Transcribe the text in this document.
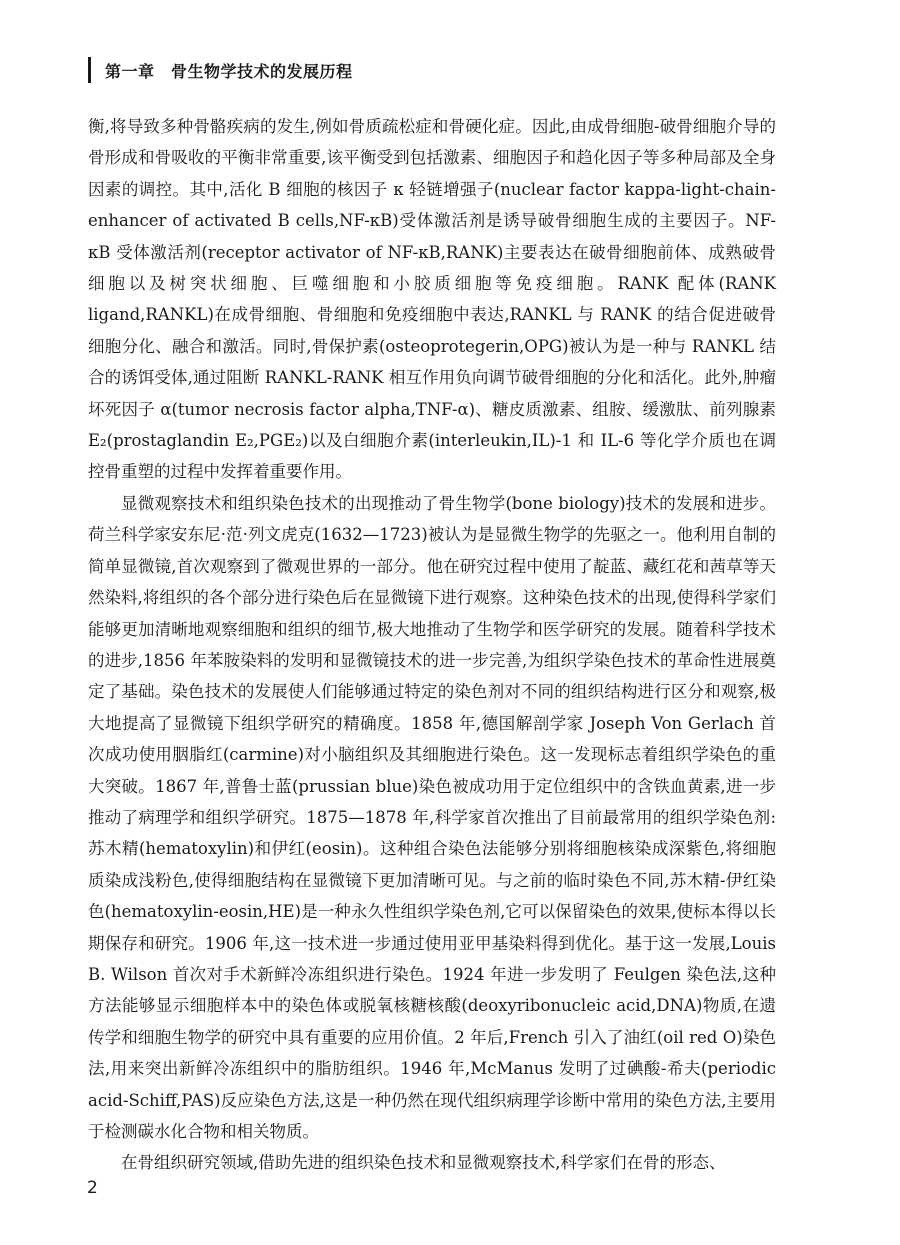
第一章　骨生物学技术的发展历程

衡,将导致多种骨骼疾病的发生,例如骨质疏松症和骨硬化症。因此,由成骨细胞-破骨细胞介导的骨形成和骨吸收的平衡非常重要,该平衡受到包括激素、细胞因子和趋化因子等多种局部及全身因素的调控。其中,活化 B 细胞的核因子 κ 轻链增强子(nuclear factor kappa-light-chain-enhancer of activated B cells,NF-κB)受体激活剂是诱导破骨细胞生成的主要因子。NF-κB 受体激活剂(receptor activator of NF-κB,RANK)主要表达在破骨细胞前体、成熟破骨细胞以及树突状细胞、巨噬细胞和小胶质细胞等免疫细胞。RANK 配体(RANK ligand,RANKL)在成骨细胞、骨细胞和免疫细胞中表达,RANKL 与 RANK 的结合促进破骨细胞分化、融合和激活。同时,骨保护素(osteoprotegerin,OPG)被认为是一种与 RANKL 结合的诱饵受体,通过阻断 RANKL-RANK 相互作用负向调节破骨细胞的分化和活化。此外,肿瘤坏死因子 α(tumor necrosis factor alpha,TNF-α)、糖皮质激素、组胺、缓激肽、前列腺素 E₂(prostaglandin E₂,PGE₂)以及白细胞介素(interleukin,IL)-1 和 IL-6 等化学介质也在调控骨重塑的过程中发挥着重要作用。

显微观察技术和组织染色技术的出现推动了骨生物学(bone biology)技术的发展和进步。荷兰科学家安东尼·范·列文虎克(1632—1723)被认为是显微生物学的先驱之一。他利用自制的简单显微镜,首次观察到了微观世界的一部分。他在研究过程中使用了靛蓝、藏红花和茜草等天然染料,将组织的各个部分进行染色后在显微镜下进行观察。这种染色技术的出现,使得科学家们能够更加清晰地观察细胞和组织的细节,极大地推动了生物学和医学研究的发展。随着科学技术的进步,1856 年苯胺染料的发明和显微镜技术的进一步完善,为组织学染色技术的革命性进展奠定了基础。染色技术的发展使人们能够通过特定的染色剂对不同的组织结构进行区分和观察,极大地提高了显微镜下组织学研究的精确度。1858 年,德国解剖学家 Joseph Von Gerlach 首次成功使用胭脂红(carmine)对小脑组织及其细胞进行染色。这一发现标志着组织学染色的重大突破。1867 年,普鲁士蓝(prussian blue)染色被成功用于定位组织中的含铁血黄素,进一步推动了病理学和组织学研究。1875—1878 年,科学家首次推出了目前最常用的组织学染色剂:苏木精(hematoxylin)和伊红(eosin)。这种组合染色法能够分别将细胞核染成深紫色,将细胞质染成浅粉色,使得细胞结构在显微镜下更加清晰可见。与之前的临时染色不同,苏木精-伊红染色(hematoxylin-eosin,HE)是一种永久性组织学染色剂,它可以保留染色的效果,使标本得以长期保存和研究。1906 年,这一技术进一步通过使用亚甲基染料得到优化。基于这一发展,Louis B. Wilson 首次对手术新鲜冷冻组织进行染色。1924 年进一步发明了 Feulgen 染色法,这种方法能够显示细胞样本中的染色体或脱氧核糖核酸(deoxyribonucleic acid,DNA)物质,在遗传学和细胞生物学的研究中具有重要的应用价值。2 年后,French 引入了油红(oil red O)染色法,用来突出新鲜冷冻组织中的脂肪组织。1946 年,McManus 发明了过碘酸-希夫(periodic acid-Schiff,PAS)反应染色方法,这是一种仍然在现代组织病理学诊断中常用的染色方法,主要用于检测碳水化合物和相关物质。

在骨组织研究领域,借助先进的组织染色技术和显微观察技术,科学家们在骨的形态、

2
